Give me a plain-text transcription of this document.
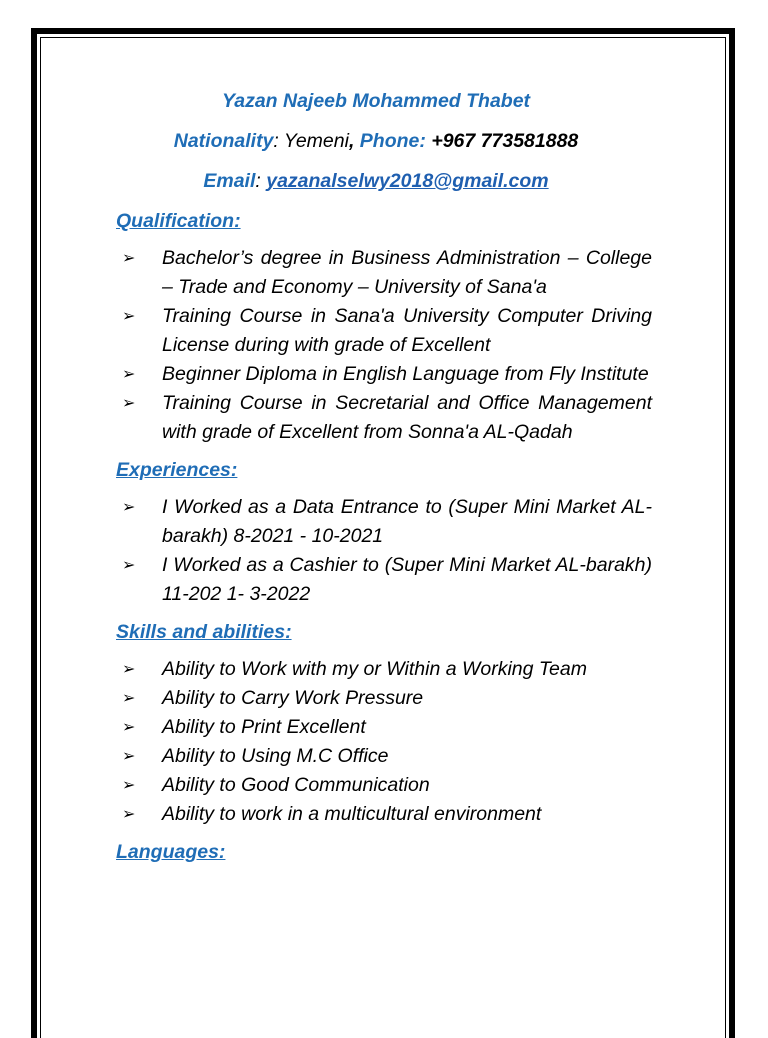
Yazan Najeeb Mohammed Thabet
Nationality: Yemeni, Phone: +967 773581888
Email: yazanalselwy2018@gmail.com
Qualification:
➢ Bachelor’s degree in Business Administration – College – Trade and Economy – University of Sana'a
➢ Training Course in Sana'a University Computer Driving License during with grade of Excellent
➢ Beginner Diploma in English Language from Fly Institute
➢ Training Course in Secretarial and Office Management with grade of Excellent from Sonna'a AL-Qadah
Experiences:
➢ I Worked as a Data Entrance to (Super Mini Market AL-barakh) 8-2021 - 10-2021
➢ I Worked as a Cashier to (Super Mini Market AL-barakh) 11-202 1- 3-2022
Skills and abilities:
➢ Ability to Work with my or Within a Working Team
➢ Ability to Carry Work Pressure
➢ Ability to Print Excellent
➢ Ability to Using M.C Office
➢ Ability to Good Communication
➢ Ability to work in a multicultural environment
Languages:
